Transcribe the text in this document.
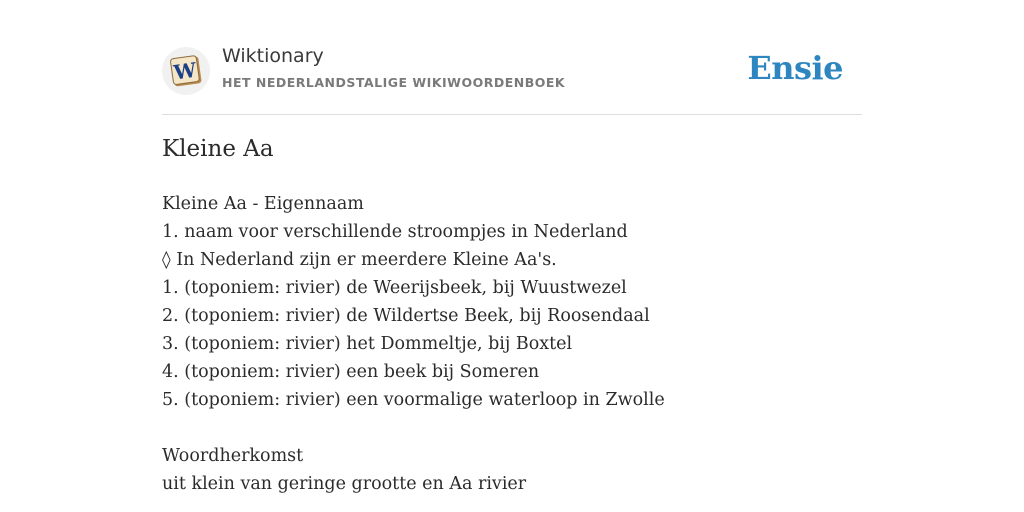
W
Wiktionary
HET NEDERLANDSTALIGE WIKIWOORDENBOEK	Ensie
Kleine Aa
Kleine Aa - Eigennaam
1. naam voor verschillende stroompjes in Nederland
◊ In Nederland zijn er meerdere Kleine Aa's.
1. (toponiem: rivier) de Weerijsbeek, bij Wuustwezel
2. (toponiem: rivier) de Wildertse Beek, bij Roosendaal
3. (toponiem: rivier) het Dommeltje, bij Boxtel
4. (toponiem: rivier) een beek bij Someren
5. (toponiem: rivier) een voormalige waterloop in Zwolle
Woordherkomst
uit klein van geringe grootte en Aa rivier
